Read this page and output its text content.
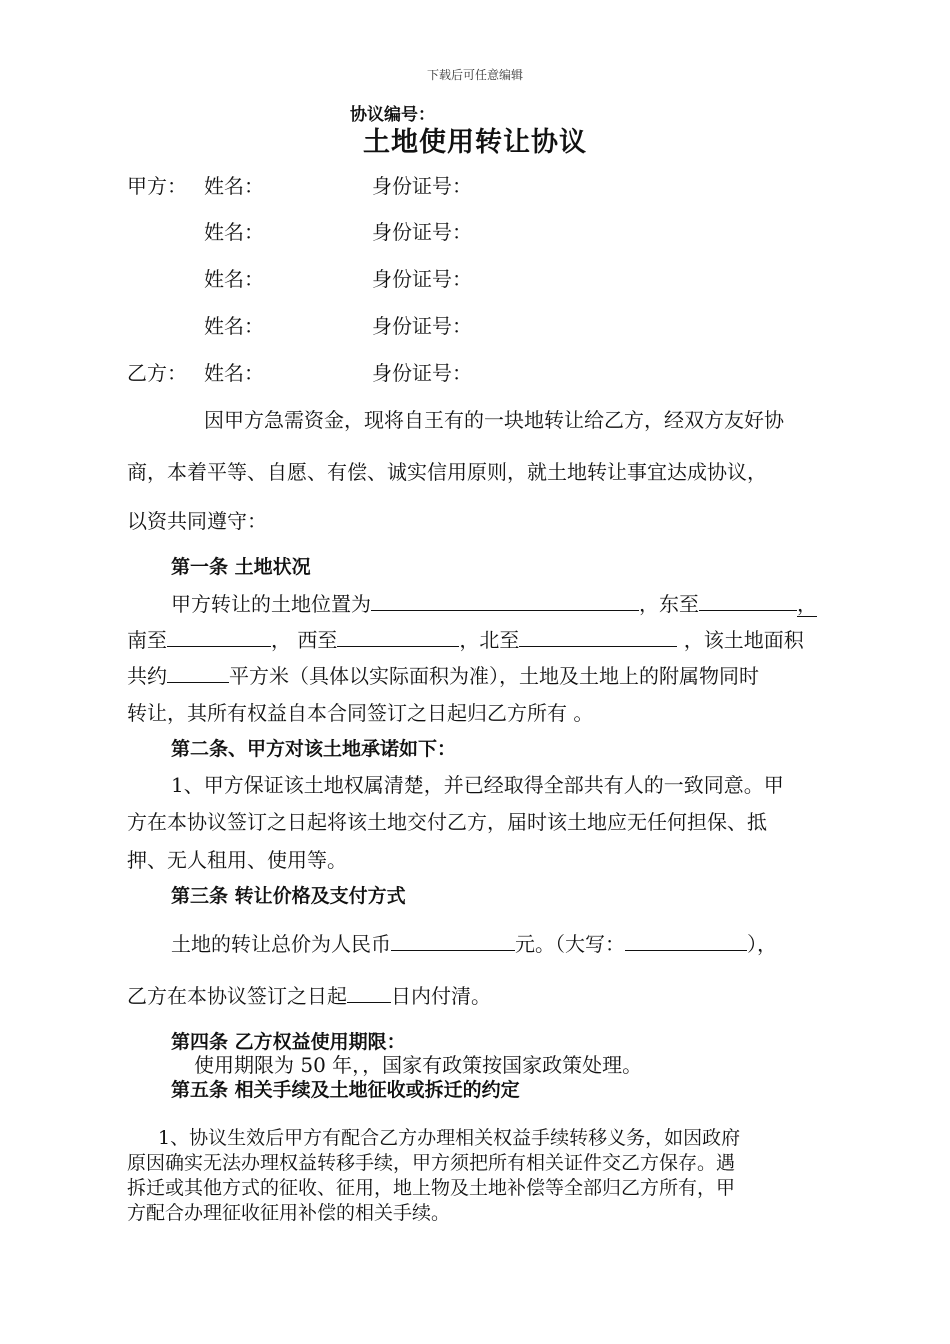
下载后可任意编辑
协议编号：
土地使用转让协议
甲方： 姓名：	身份证号：
姓名：	身份证号：
姓名：	身份证号：
姓名：	身份证号：
乙方： 姓名：	身份证号：
因甲方急需资金，现将自王有的一块地转让给乙方，经双方友好协
商，本着平等、自愿、有偿、诚实信用原则，就土地转让事宜达成协议，
以资共同遵守：
第一条 土地状况
甲方转让的土地位置为	，东至	，
南至	， 西至	，北至	，该土地面积
共约	平方米（具体以实际面积为准），土地及土地上的附属物同时
转让，其所有权益自本合同签订之日起归乙方所有 。
第二条、甲方对该土地承诺如下：
1、甲方保证该土地权属清楚，并已经取得全部共有人的一致同意。甲
方在本协议签订之日起将该土地交付乙方，届时该土地应无任何担保、抵
押、无人租用、使用等。
第三条 转让价格及支付方式
土地的转让总价为人民币	元。（大写：	），
乙方在本协议签订之日起 日内付清。
第四条 乙方权益使用期限：
使用期限为 50 年，，国家有政策按国家政策处理。
第五条 相关手续及土地征收或拆迁的约定
1、协议生效后甲方有配合乙方办理相关权益手续转移义务，如因政府
原因确实无法办理权益转移手续，甲方须把所有相关证件交乙方保存。遇
拆迁或其他方式的征收、征用，地上物及土地补偿等全部归乙方所有，甲
方配合办理征收征用补偿的相关手续。
